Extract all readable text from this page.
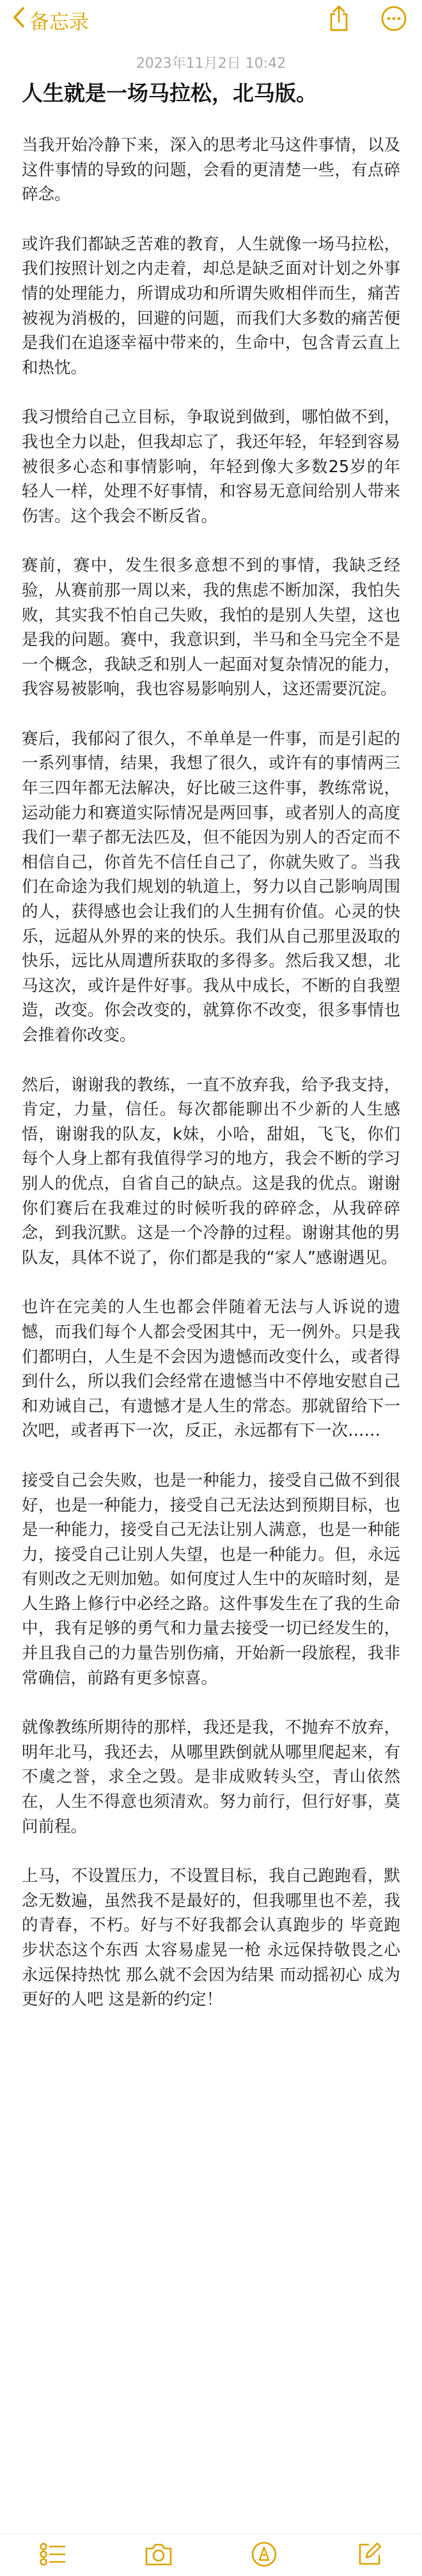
备忘录
2023年11月2日 10:42
人生就是一场马拉松，北马版。

当我开始冷静下来，深入的思考北马这件事情，以及这件事情的导致的问题，会看的更清楚一些，有点碎碎念。

或许我们都缺乏苦难的教育，人生就像一场马拉松，我们按照计划之内走着，却总是缺乏面对计划之外事情的处理能力，所谓成功和所谓失败相伴而生，痛苦被视为消极的，回避的问题，而我们大多数的痛苦便是我们在追逐幸福中带来的，生命中，包含青云直上和热忱。

我习惯给自己立目标，争取说到做到，哪怕做不到，我也全力以赴，但我却忘了，我还年轻，年轻到容易被很多心态和事情影响，年轻到像大多数25岁的年轻人一样，处理不好事情，和容易无意间给别人带来伤害。这个我会不断反省。

赛前，赛中，发生很多意想不到的事情，我缺乏经验，从赛前那一周以来，我的焦虑不断加深，我怕失败，其实我不怕自己失败，我怕的是别人失望，这也是我的问题。赛中，我意识到，半马和全马完全不是一个概念，我缺乏和别人一起面对复杂情况的能力，我容易被影响，我也容易影响别人，这还需要沉淀。

赛后，我郁闷了很久，不单单是一件事，而是引起的一系列事情，结果，我想了很久，或许有的事情两三年三四年都无法解决，好比破三这件事，教练常说，运动能力和赛道实际情况是两回事，或者别人的高度我们一辈子都无法匹及，但不能因为别人的否定而不相信自己，你首先不信任自己了，你就失败了。当我们在命途为我们规划的轨道上，努力以自己影响周围的人，获得感也会让我们的人生拥有价值。心灵的快乐，远超从外界的来的快乐。我们从自己那里汲取的快乐，远比从周遭所获取的多得多。然后我又想，北马这次，或许是件好事。我从中成长，不断的自我塑造，改变。你会改变的，就算你不改变，很多事情也会推着你改变。

然后，谢谢我的教练，一直不放弃我，给予我支持，肯定，力量，信任。每次都能聊出不少新的人生感悟，谢谢我的队友，k妹，小哈，甜姐，飞飞，你们每个人身上都有我值得学习的地方，我会不断的学习别人的优点，自省自己的缺点。这是我的优点。谢谢你们赛后在我难过的时候听我的碎碎念，从我碎碎念，到我沉默。这是一个冷静的过程。谢谢其他的男队友，具体不说了，你们都是我的“家人”感谢遇见。

也许在完美的人生也都会伴随着无法与人诉说的遗憾，而我们每个人都会受困其中，无一例外。只是我们都明白，人生是不会因为遗憾而改变什么，或者得到什么，所以我们会经常在遗憾当中不停地安慰自己和劝诫自己，有遗憾才是人生的常态。那就留给下一次吧，或者再下一次，反正，永远都有下一次……

接受自己会失败，也是一种能力，接受自己做不到很好，也是一种能力，接受自己无法达到预期目标，也是一种能力，接受自己无法让别人满意，也是一种能力，接受自己让别人失望，也是一种能力。但，永远有则改之无则加勉。如何度过人生中的灰暗时刻，是人生路上修行中必经之路。这件事发生在了我的生命中，我有足够的勇气和力量去接受一切已经发生的，并且我自己的力量告别伤痛，开始新一段旅程，我非常确信，前路有更多惊喜。

就像教练所期待的那样，我还是我，不抛弃不放弃，明年北马，我还去，从哪里跌倒就从哪里爬起来，有不虞之誉，求全之毁。是非成败转头空，青山依然在，人生不得意也须清欢。努力前行，但行好事，莫问前程。

上马，不设置压力，不设置目标，我自己跑跑看，默念无数遍，虽然我不是最好的，但我哪里也不差，我的青春，不朽。好与不好我都会认真跑步的 毕竟跑步状态这个东西 太容易虚晃一枪 永远保持敬畏之心 永远保持热忱 那么就不会因为结果 而动摇初心 成为更好的人吧 这是新的约定！
